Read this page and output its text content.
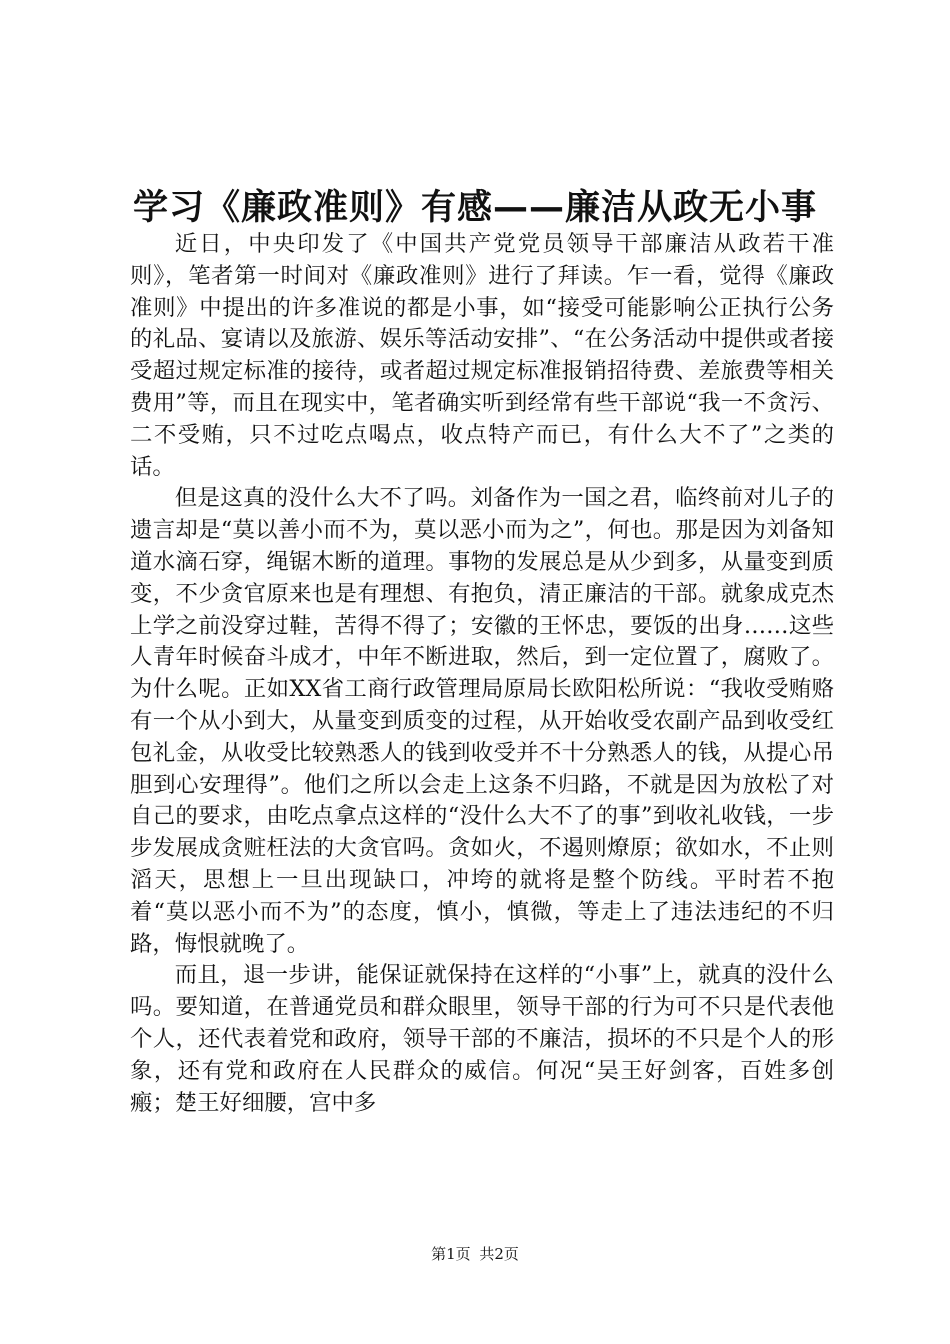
学习《廉政准则》有感——廉洁从政无小事

近日，中央印发了《中国共产党党员领导干部廉洁从政若干准则》，笔者第一时间对《廉政准则》进行了拜读。乍一看，觉得《廉政准则》中提出的许多准说的都是小事，如“接受可能影响公正执行公务的礼品、宴请以及旅游、娱乐等活动安排”、“在公务活动中提供或者接受超过规定标准的接待，或者超过规定标准报销招待费、差旅费等相关费用”等，而且在现实中，笔者确实听到经常有些干部说“我一不贪污、二不受贿，只不过吃点喝点，收点特产而已，有什么大不了”之类的话。

但是这真的没什么大不了吗。刘备作为一国之君，临终前对儿子的遗言却是“莫以善小而不为，莫以恶小而为之”，何也。那是因为刘备知道水滴石穿，绳锯木断的道理。事物的发展总是从少到多，从量变到质变，不少贪官原来也是有理想、有抱负，清正廉洁的干部。就象成克杰上学之前没穿过鞋，苦得不得了；安徽的王怀忠，要饭的出身……这些人青年时候奋斗成才，中年不断进取，然后，到一定位置了，腐败了。为什么呢。正如XX省工商行政管理局原局长欧阳松所说：“我收受贿赂有一个从小到大，从量变到质变的过程，从开始收受农副产品到收受红包礼金，从收受比较熟悉人的钱到收受并不十分熟悉人的钱，从提心吊胆到心安理得”。他们之所以会走上这条不归路，不就是因为放松了对自己的要求，由吃点拿点这样的“没什么大不了的事”到收礼收钱，一步步发展成贪赃枉法的大贪官吗。贪如火，不遏则燎原；欲如水，不止则滔天，思想上一旦出现缺口，冲垮的就将是整个防线。平时若不抱着“莫以恶小而不为”的态度，慎小，慎微，等走上了违法违纪的不归路，悔恨就晚了。

而且，退一步讲，能保证就保持在这样的“小事”上，就真的没什么吗。要知道，在普通党员和群众眼里，领导干部的行为可不只是代表他个人，还代表着党和政府，领导干部的不廉洁，损坏的不只是个人的形象，还有党和政府在人民群众的威信。何况“吴王好剑客，百姓多创瘢；楚王好细腰，宫中多

第1页 共2页
